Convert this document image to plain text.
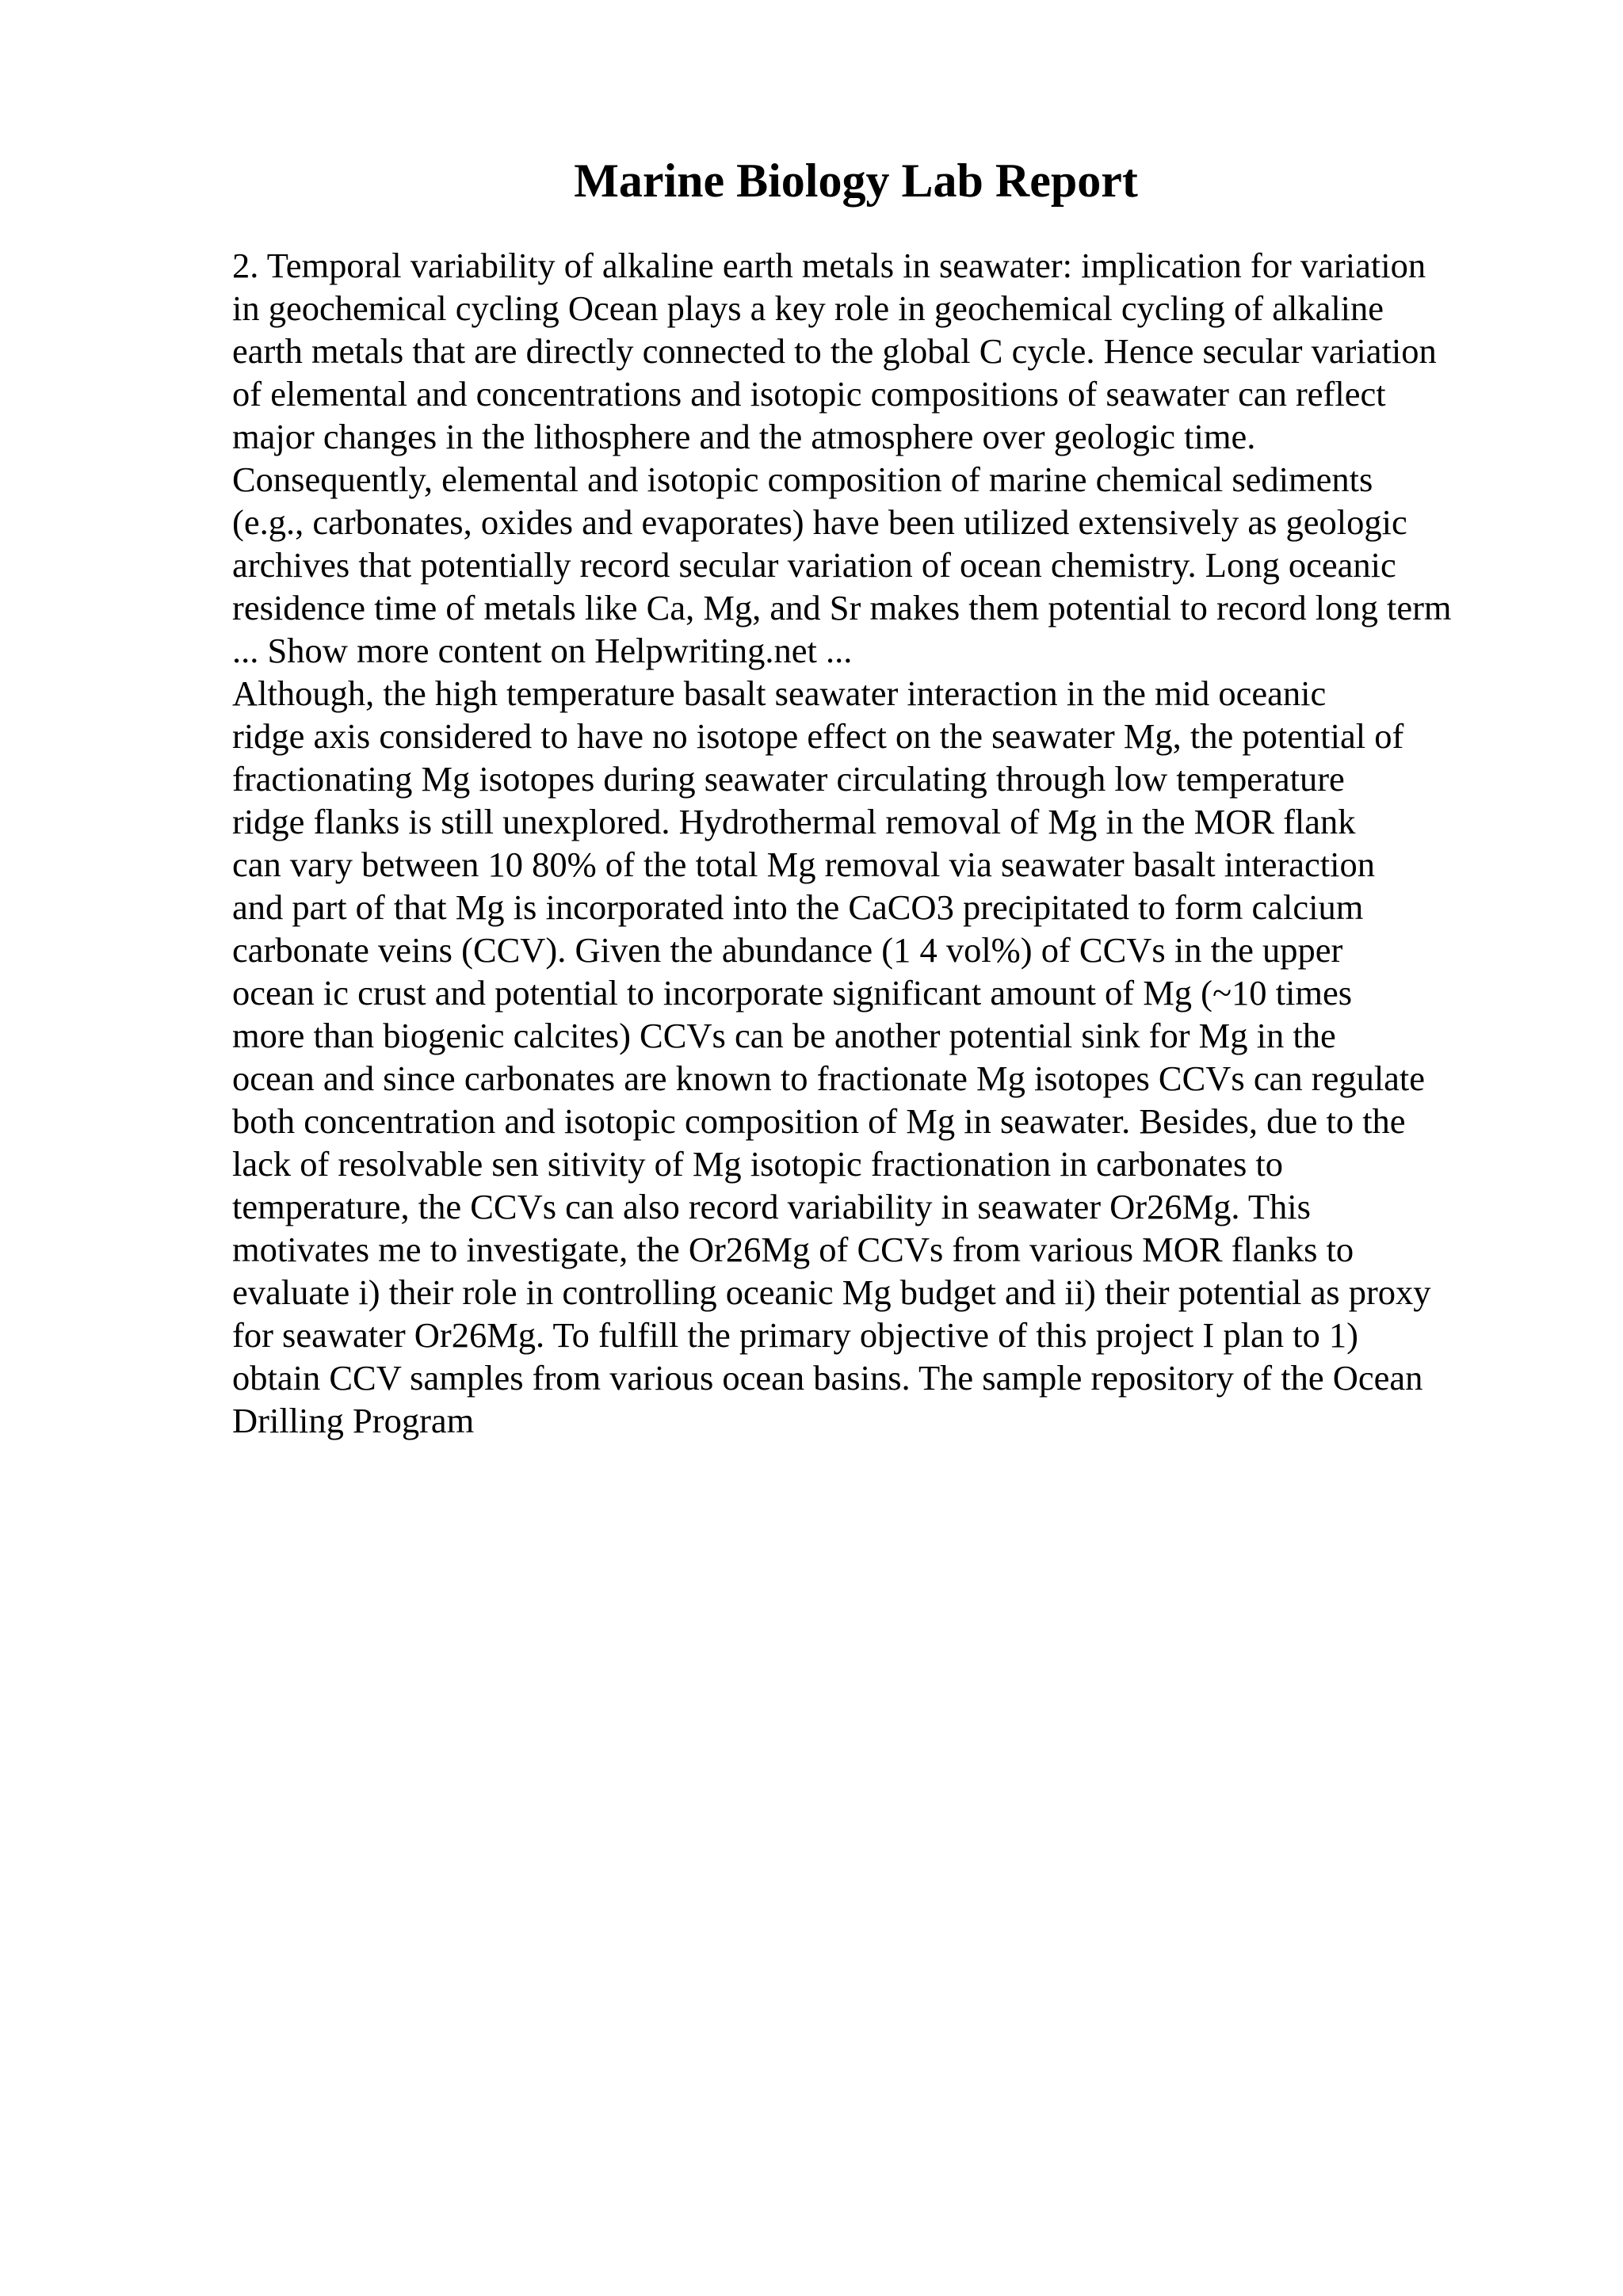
Marine Biology Lab Report
2. Temporal variability of alkaline earth metals in seawater: implication for variation
in geochemical cycling Ocean plays a key role in geochemical cycling of alkaline
earth metals that are directly connected to the global C cycle. Hence secular variation
of elemental and concentrations and isotopic compositions of seawater can reflect
major changes in the lithosphere and the atmosphere over geologic time.
Consequently, elemental and isotopic composition of marine chemical sediments
(e.g., carbonates, oxides and evaporates) have been utilized extensively as geologic
archives that potentially record secular variation of ocean chemistry. Long oceanic
residence time of metals like Ca, Mg, and Sr makes them potential to record long term
... Show more content on Helpwriting.net ...
Although, the high temperature basalt seawater interaction in the mid oceanic
ridge axis considered to have no isotope effect on the seawater Mg, the potential of
fractionating Mg isotopes during seawater circulating through low temperature
ridge flanks is still unexplored. Hydrothermal removal of Mg in the MOR flank
can vary between 10 80% of the total Mg removal via seawater basalt interaction
and part of that Mg is incorporated into the CaCO3 precipitated to form calcium
carbonate veins (CCV). Given the abundance (1 4 vol%) of CCVs in the upper
ocean ic crust and potential to incorporate significant amount of Mg (~10 times
more than biogenic calcites) CCVs can be another potential sink for Mg in the
ocean and since carbonates are known to fractionate Mg isotopes CCVs can regulate
both concentration and isotopic composition of Mg in seawater. Besides, due to the
lack of resolvable sen sitivity of Mg isotopic fractionation in carbonates to
temperature, the CCVs can also record variability in seawater Or26Mg. This
motivates me to investigate, the Or26Mg of CCVs from various MOR flanks to
evaluate i) their role in controlling oceanic Mg budget and ii) their potential as proxy
for seawater Or26Mg. To fulfill the primary objective of this project I plan to 1)
obtain CCV samples from various ocean basins. The sample repository of the Ocean
Drilling Program
